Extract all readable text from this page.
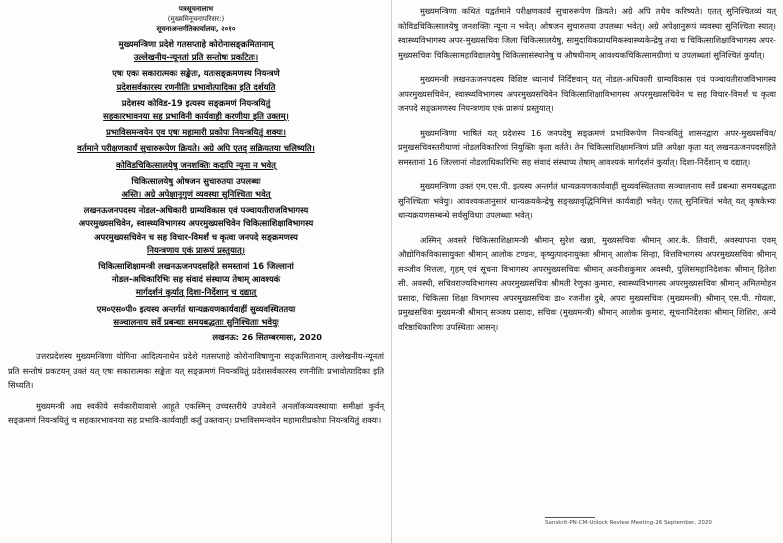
पत्रसूचनालाभ
(मुख्यमिनूचनापरिसर:)
सूचनाअन्तर्गतिकार्यालयः, २०१०
मुख्यमन्त्रिणा प्रदेशे गतसप्ताहे कोरोनासङ्क्रमितानाम्
उल्लेखनीय-न्यूनतां प्रति सन्तोषः प्रकटितः।
एषः एकः सकारात्मकः सङ्केतः, यतःसङ्क्रमणस्य नियन्त्रणे
प्रदेशसर्वकारस्य रणनीतिः प्रभावोत्पादिका इति दर्शयति
प्रदेशस्य कोविड-19 इत्यस्य सङ्क्रमणं नियन्त्रयितुं
सहकारभावनया सह प्रभाविनी कार्यवाही करणीया इति उक्तम्।
प्रभाविसमन्वयेन एव एषः महामारी प्रकोपः नियन्त्रयितुं शक्यः।
वर्तमाने परीक्षणकार्यं सुचारुरूपेण क्रियते। अग्रे अपि एतद् सक्रियतया चलिष्यति।
कोविडचिकित्सालयेषु जनशक्तिः कदापि न्यूना न भवेत्
चिकित्सालयेषु ओषजन सुचारुतया उपलब्धः
अस्ति। अग्रे अपेक्षानुगुणं व्यवस्था सुनिश्चिता भवेत्
लखनऊजनपदस्य नोडल-अधिकारी ग्राम्यविकास एवं पञ्चायतीराजविभागस्य
अपरमुख्यसचिवेन, स्वास्थ्यविभागस्य अपरमुख्यसचिवेन चिकित्साशिक्षाविभागस्य
अपरमुख्यसचिवेन च सह विचार-विमर्शं च कृत्वा जनपदे सङ्क्रमणस्य
नियन्त्रणाय एकं प्रारूपं प्रस्तुयात्।
चिकित्साशिक्षामन्त्री लखनऊजनपदसहिते समस्तानां 16 जिल्लानां
नोडल-अधिकारिभिः सह संवादं संस्थाप्य तेषाम् आवश्यकं
मार्गदर्शनं कुर्यात् दिशा-निर्देशान् च दद्यात्
एम०एस०पी० इत्यस्य अन्तर्गतं धान्यक्रयणकार्यवाहीं सुव्यवस्थिततया
सञ्चालनाय सर्वे प्रबन्धाः समयबद्धताः सुनिश्चिताः भवेयुः
लखनऊ: 26 सितम्बरमासः, 2020
उत्तरप्रदेशस्य मुख्यमन्त्रिणा योगिना आदित्यनाथेन प्रदेशे गतसप्ताहे कोरोनाविषाणुना सङ्क्रमितानाम् उल्लेखनीय-न्यूनतां प्रति सन्तोषं प्रकटयन् उक्तं यत् एषः सकारात्मकः सङ्केतः यत् सङ्क्रमणं नियन्त्रयितुं प्रदेशसर्वकारस्य रणनीतिः प्रभावोत्पादिका इति सिध्यति।
मुख्यमन्त्री अद्य स्वकीये सर्वकारीयावासे आहूते एकस्मिन् उच्चस्तरीये उपवेशने अनलॉकव्यवस्थायाः समीक्षां कुर्वन् सङ्क्रमणं नियन्त्रयितुं च सहकारभावनया सह प्रभावि-कार्यवाहीं कर्तुं उक्तवान्। प्रभाविसमन्वयेन महामारीप्रकोपः नियन्त्रयितुं शक्यः।
मुख्यमन्त्रिणा कथितं यद्वर्तमाने परीक्षणकार्यं सुचारुरूपेण क्रियते। अग्रे अपि तथैव करिष्यते। एतत् सुनिश्चितव्यं यत् कोविडचिकित्सालयेषु जनशक्तिः न्यूना न भवेत्। ओषजन सुचारुतया उपलब्धः भवेत्। अग्रे अपेक्षानुरूपं व्यवस्था सुनिश्चिता स्यात्। स्वास्थ्यविभागस्य अपर-मुख्यसचिवः जिला चिकित्सालयेषु, सामुदायिकप्राथमिकस्वास्थ्यकेन्द्रेषु तथा च चिकित्साशिक्षाविभागस्य अपर-मुख्यसचिवः चिकित्सामहाविद्यालयेषु चिकित्सासंस्थानेषु च औषधीनाम् आवश्यकचिकित्सामग्रीणां च उपलब्धतां सुनिश्चितं कुर्यात्।
मुख्यमन्त्री लखनऊजनपदस्य विशिष्ट ध्यानार्थं निर्दिष्टवान् यत् नोडल-अधिकारी ग्राम्यविकास एवं पञ्चायतीराजविभागस्य अपरमुख्यसचिवेन, स्वास्थ्यविभागस्य अपरमुख्यसचिवेन चिकित्साशिक्षाविभागस्य अपरमुख्यसचिवेन च सह विचार-विमर्शं च कृत्वा जनपदे सङ्क्रमणस्य नियन्त्रणाय एकं प्रारूपं प्रस्तुयात्।
मुख्यमन्त्रिणा भाषितं यत् प्रदेशस्य 16 जनपदेषु सङ्क्रमणं प्रभाविरूपेण नियन्त्रयितुं शासनद्वारा अपर-मुख्यसचिव/प्रमुखसचिवस्तरीयाणां नोडलविकारिणां नियुक्तिः कृता वर्तते। तेन चिकित्साशिक्षामन्त्रिणं प्रति अपेक्षा कृता यत् लखनऊजनपदसहिते समस्तानां 16 जिल्लानां नोडलाधिकारिभिः सह संवादं संस्थाप्य तेषाम् आवश्यकं मार्गदर्शनं कुर्यात्। दिशा-निर्देशान् च दद्यात्।
मुख्यमन्त्रिणा उक्तं एम.एस.पी. इत्यस्य अन्तर्गतं धान्यक्रयणकार्यवाहीं सुव्यवस्थिततया सञ्चालनाय सर्वे प्रबन्धाः समयबद्धताः सुनिश्चिताः भवेयुः। आवश्यकतानुसारं धान्यक्रयकेन्द्रेषु सङ्ख्यावृद्धिनिमित्तं कार्यवाही भवेत्। एतत् सुनिश्चितं भवेत् यत् कृषकेभ्यः धान्यक्रयणसम्बन्धे सर्वसुविधाः उपलब्धाः भवेत्।
अस्मिन् अवसरे चिकित्साशिक्षामन्त्री श्रीमान् सुरेश खन्ना, मुख्यसचिवः श्रीमान् आर.के. तिवारी, अवस्थापना एवम् औद्योगिकविकासायुक्तः श्रीमान् आलोक टण्डनः, कृष्युत्पादनायुक्तः श्रीमान् आलोक सिन्हा, वित्तविभागस्य अपरमुख्यसचिवः श्रीमान् सञ्जीव मित्तलः, गृहम् एवं सूचना विभागस्य अपरमुख्यसचिवः श्रीमान् अवनीशकुमार अवस्थी, पुलिसमहानिदेशकः श्रीमान् हितेशः सी. अवस्थी, सचिवराज्यविभागस्य अपरमुख्यसचिवः श्रीमती रेणुका कुमारः, स्वास्थ्यविभागस्य अपरमुख्यसचिवः श्रीमान् अमितमोहन प्रसादः, चिकित्सा शिक्षा विभागस्य अपरमुख्यसचिवः डा० रजनीश दुबे, अपरः मुख्यसचिवः (मुख्यमन्त्री) श्रीमान् एस.पी. गोयलः, प्रमुखसचिवः मुख्यमन्त्री श्रीमान् सञ्जय प्रसादः, सचिवः (मुख्यमन्त्री) श्रीमान् आलोक कुमारः, सूचनानिदेशकः श्रीमान् शिशिरः, अन्ये वरिष्ठाधिकारिणः उपस्थिताः आसन्।
Sanskrit-PN-CM-Unlock Review Meeting-26 September, 2020
